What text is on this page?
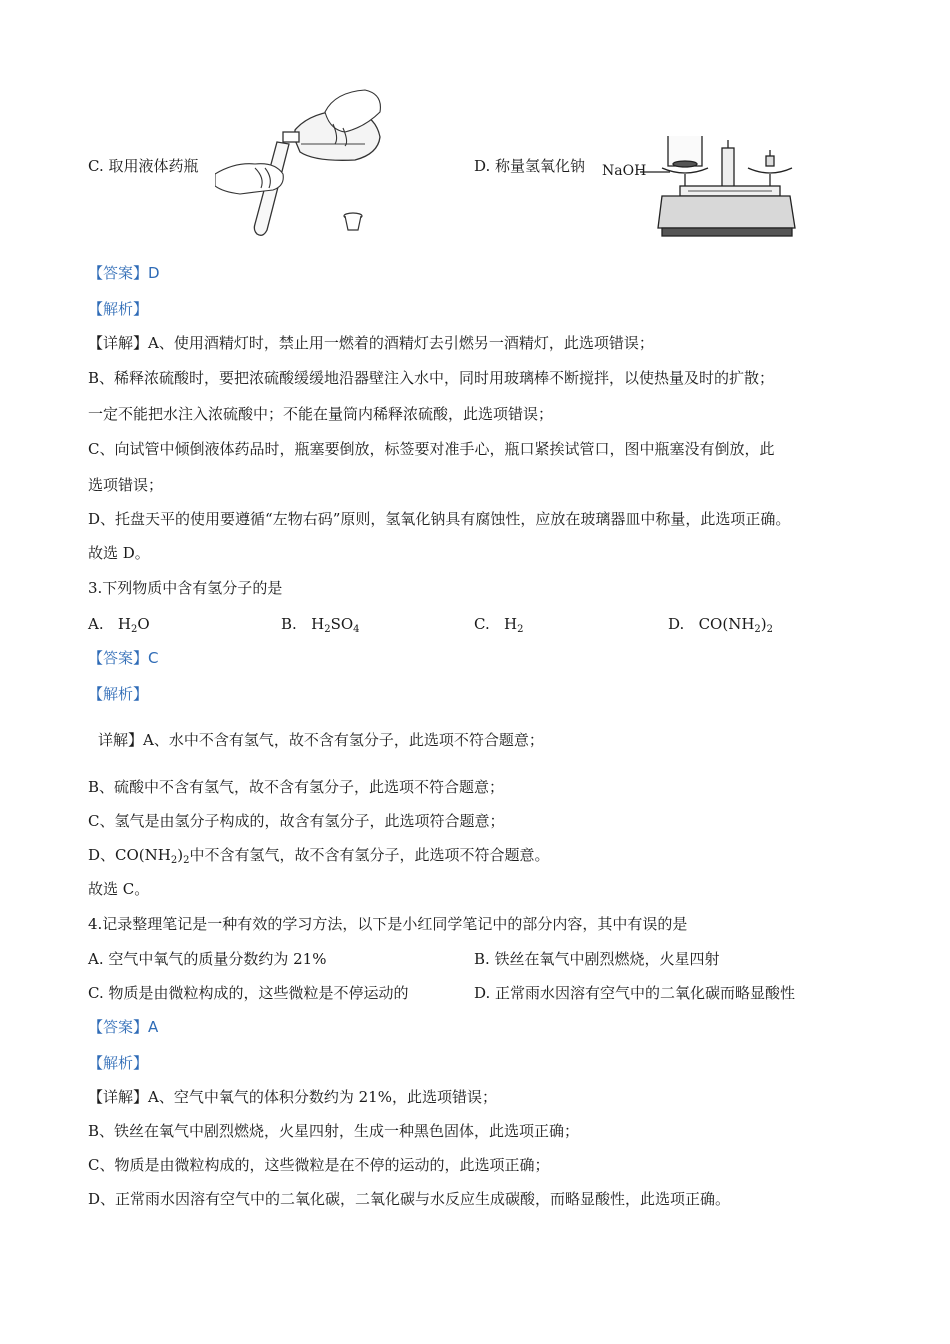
C. 取用液体药瓶	D. 称量氢氧化钠 NaOH
【答案】D
【解析】
【详解】A、使用酒精灯时，禁止用一燃着的酒精灯去引燃另一酒精灯，此选项错误；
B、稀释浓硫酸时，要把浓硫酸缓缓地沿器壁注入水中，同时用玻璃棒不断搅拌，以使热量及时的扩散；
一定不能把水注入浓硫酸中；不能在量筒内稀释浓硫酸，此选项错误；
C、向试管中倾倒液体药品时，瓶塞要倒放，标签要对准手心，瓶口紧挨试管口，图中瓶塞没有倒放，此
选项错误；
D、托盘天平的使用要遵循“左物右码”原则，氢氧化钠具有腐蚀性，应放在玻璃器皿中称量，此选项正确。
故选 D。
3.下列物质中含有氢分子的是
A. $H_2O$	B. $H_2SO_4$	C. $H_2$	D. $CO(NH_2)_2$
【答案】C
【解析】
详解】A、水中不含有氢气，故不含有氢分子，此选项不符合题意；
B、硫酸中不含有氢气，故不含有氢分子，此选项不符合题意；
C、氢气是由氢分子构成的，故含有氢分子，此选项符合题意；
D、$CO(NH_2)_2$中不含有氢气，故不含有氢分子，此选项不符合题意。
故选 C。
4.记录整理笔记是一种有效的学习方法，以下是小红同学笔记中的部分内容，其中有误的是
A. 空气中氧气的质量分数约为 21%	B. 铁丝在氧气中剧烈燃烧，火星四射
C. 物质是由微粒构成的，这些微粒是不停运动的	D. 正常雨水因溶有空气中的二氧化碳而略显酸性
【答案】A
【解析】
【详解】A、空气中氧气的体积分数约为 21%，此选项错误；
B、铁丝在氧气中剧烈燃烧，火星四射，生成一种黑色固体，此选项正确；
C、物质是由微粒构成的，这些微粒是在不停的运动的，此选项正确；
D、正常雨水因溶有空气中的二氧化碳，二氧化碳与水反应生成碳酸，而略显酸性，此选项正确。
